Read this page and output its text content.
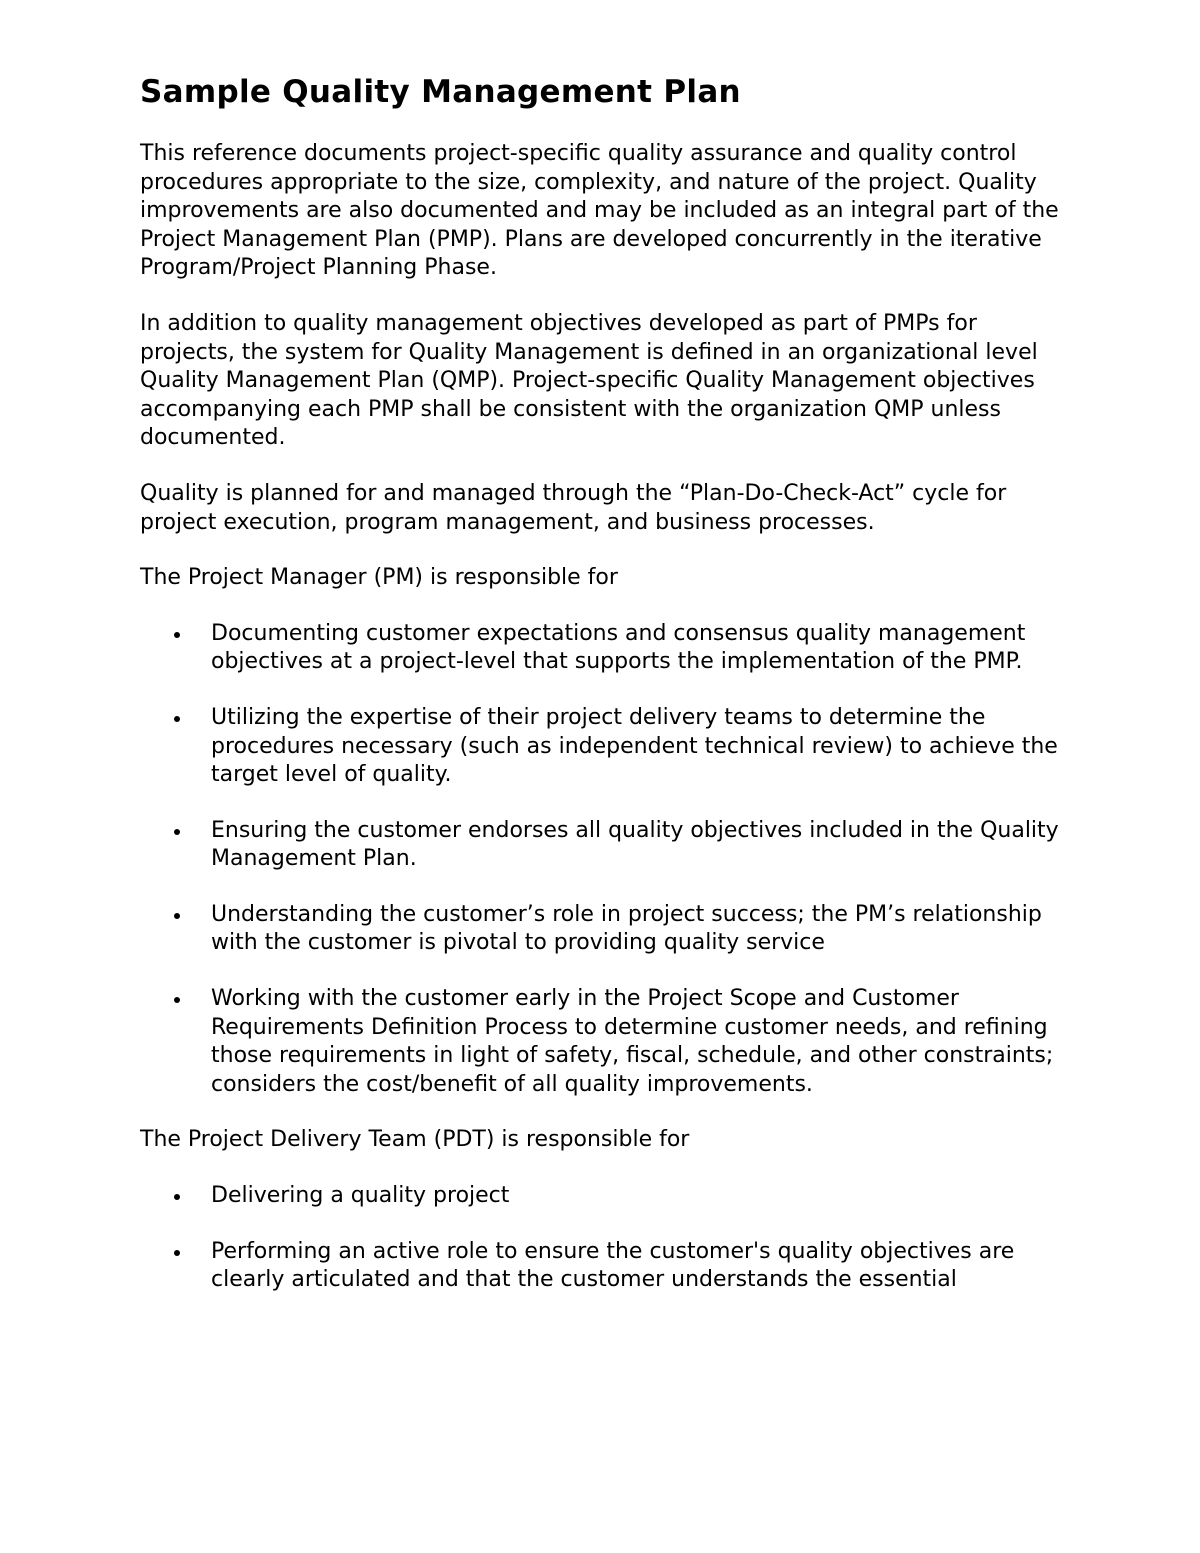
Sample Quality Management Plan

This reference documents project-specific quality assurance and quality control procedures appropriate to the size, complexity, and nature of the project. Quality improvements are also documented and may be included as an integral part of the Project Management Plan (PMP). Plans are developed concurrently in the iterative Program/Project Planning Phase.

In addition to quality management objectives developed as part of PMPs for projects, the system for Quality Management is defined in an organizational level Quality Management Plan (QMP). Project-specific Quality Management objectives accompanying each PMP shall be consistent with the organization QMP unless documented.

Quality is planned for and managed through the “Plan-Do-Check-Act” cycle for project execution, program management, and business processes.

The Project Manager (PM) is responsible for

Documenting customer expectations and consensus quality management objectives at a project-level that supports the implementation of the PMP.
Utilizing the expertise of their project delivery teams to determine the procedures necessary (such as independent technical review) to achieve the target level of quality.
Ensuring the customer endorses all quality objectives included in the Quality Management Plan.
Understanding the customer’s role in project success; the PM’s relationship with the customer is pivotal to providing quality service
Working with the customer early in the Project Scope and Customer Requirements Definition Process to determine customer needs, and refining those requirements in light of safety, fiscal, schedule, and other constraints; considers the cost/benefit of all quality improvements.

The Project Delivery Team (PDT) is responsible for

Delivering a quality project
Performing an active role to ensure the customer's quality objectives are clearly articulated and that the customer understands the essential
